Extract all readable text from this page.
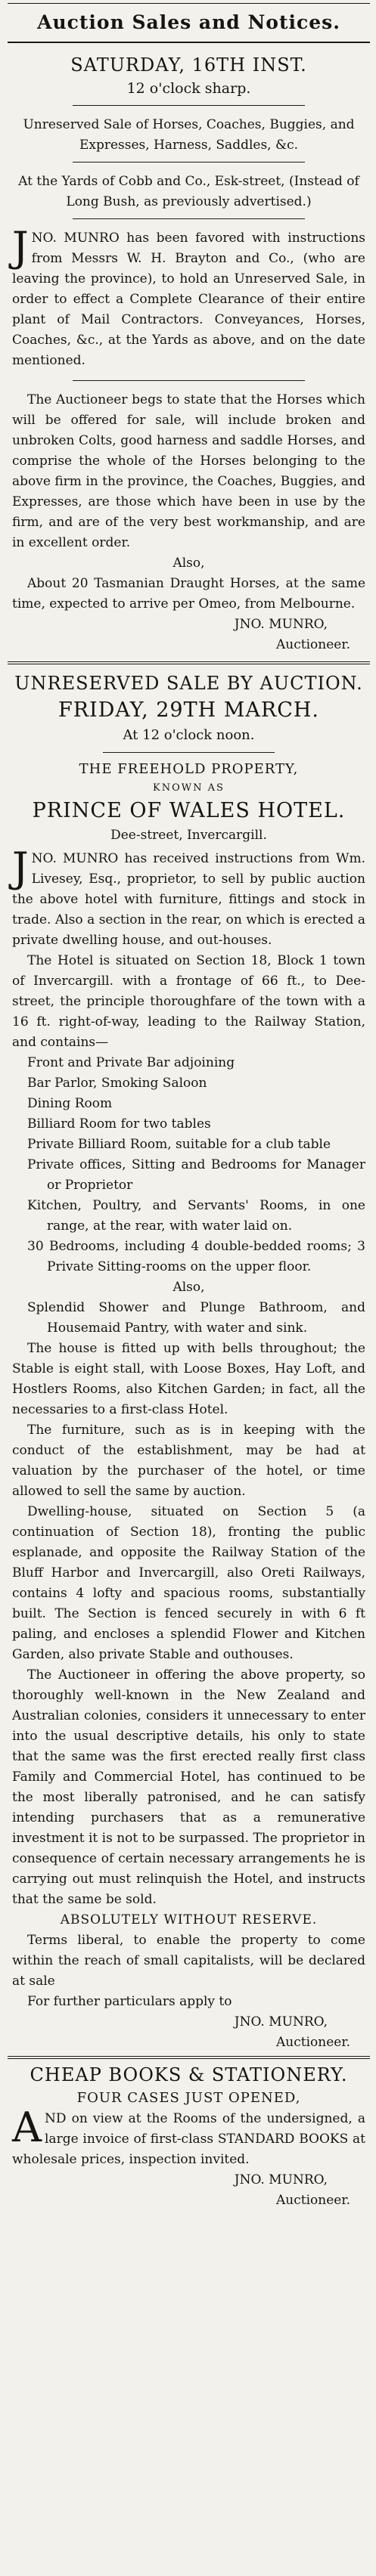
Auction Sales and Notices.
SATURDAY, 16TH INST.
12 o'clock sharp.
Unreserved Sale of Horses, Coaches, Buggies, and Expresses, Harness, Saddles, &c.
At the Yards of Cobb and Co., Esk-street, (Instead of Long Bush, as previously advertised.)
JNO. MUNRO has been favored with instructions from Messrs W. H. Brayton and Co., (who are leaving the province), to hold an Unreserved Sale, in order to effect a Complete Clearance of their entire plant of Mail Contractors. Conveyances, Horses, Coaches, &c., at the Yards as above, and on the date mentioned.
The Auctioneer begs to state that the Horses which will be offered for sale, will include broken and unbroken Colts, good harness and saddle Horses, and comprise the whole of the Horses belonging to the above firm in the province, the Coaches, Buggies, and Expresses, are those which have been in use by the firm, and are of the very best workmanship, and are in excellent order.
Also,
About 20 Tasmanian Draught Horses, at the same time, expected to arrive per Omeo, from Melbourne.
JNO. MUNRO,
Auctioneer.
UNRESERVED SALE BY AUCTION.
FRIDAY, 29TH MARCH.
At 12 o'clock noon.
THE FREEHOLD PROPERTY,
KNOWN AS
PRINCE OF WALES HOTEL.
Dee-street, Invercargill.
JNO. MUNRO has received instructions from Wm. Livesey, Esq., proprietor, to sell by public auction the above hotel with furniture, fittings and stock in trade. Also a section in the rear, on which is erected a private dwelling house, and out-houses.
The Hotel is situated on Section 18, Block 1 town of Invercargill. with a frontage of 66 ft., to Dee-street, the principle thoroughfare of the town with a 16 ft. right-of-way, leading to the Railway Station, and contains—
Front and Private Bar adjoining
Bar Parlor, Smoking Saloon
Dining Room
Billiard Room for two tables
Private Billiard Room, suitable for a club table
Private offices, Sitting and Bedrooms for Manager or Proprietor
Kitchen, Poultry, and Servants' Rooms, in one range, at the rear, with water laid on.
30 Bedrooms, including 4 double-bedded rooms; 3 Private Sitting-rooms on the upper floor.
Also,
Splendid Shower and Plunge Bathroom, and Housemaid Pantry, with water and sink.
The house is fitted up with bells throughout; the Stable is eight stall, with Loose Boxes, Hay Loft, and Hostlers Rooms, also Kitchen Garden; in fact, all the necessaries to a first-class Hotel.
The furniture, such as is in keeping with the conduct of the establishment, may be had at valuation by the purchaser of the hotel, or time allowed to sell the same by auction.
Dwelling-house, situated on Section 5 (a continuation of Section 18), fronting the public esplanade, and opposite the Railway Station of the Bluff Harbor and Invercargill, also Oreti Railways, contains 4 lofty and spacious rooms, substantially built. The Section is fenced securely in with 6 ft paling, and encloses a splendid Flower and Kitchen Garden, also private Stable and outhouses.
The Auctioneer in offering the above property, so thoroughly well-known in the New Zealand and Australian colonies, considers it unnecessary to enter into the usual descriptive details, his only to state that the same was the first erected really first class Family and Commercial Hotel, has continued to be the most liberally patronised, and he can satisfy intending purchasers that as a remunerative investment it is not to be surpassed. The proprietor in consequence of certain necessary arrangements he is carrying out must relinquish the Hotel, and instructs that the same be sold.
ABSOLUTELY WITHOUT RESERVE.
Terms liberal, to enable the property to come within the reach of small capitalists, will be declared at sale
For further particulars apply to
JNO. MUNRO,
Auctioneer.
CHEAP BOOKS & STATIONERY.
FOUR CASES JUST OPENED,
AND on view at the Rooms of the undersigned, a large invoice of first-class STANDARD BOOKS at wholesale prices, inspection invited.
JNO. MUNRO,
Auctioneer.
